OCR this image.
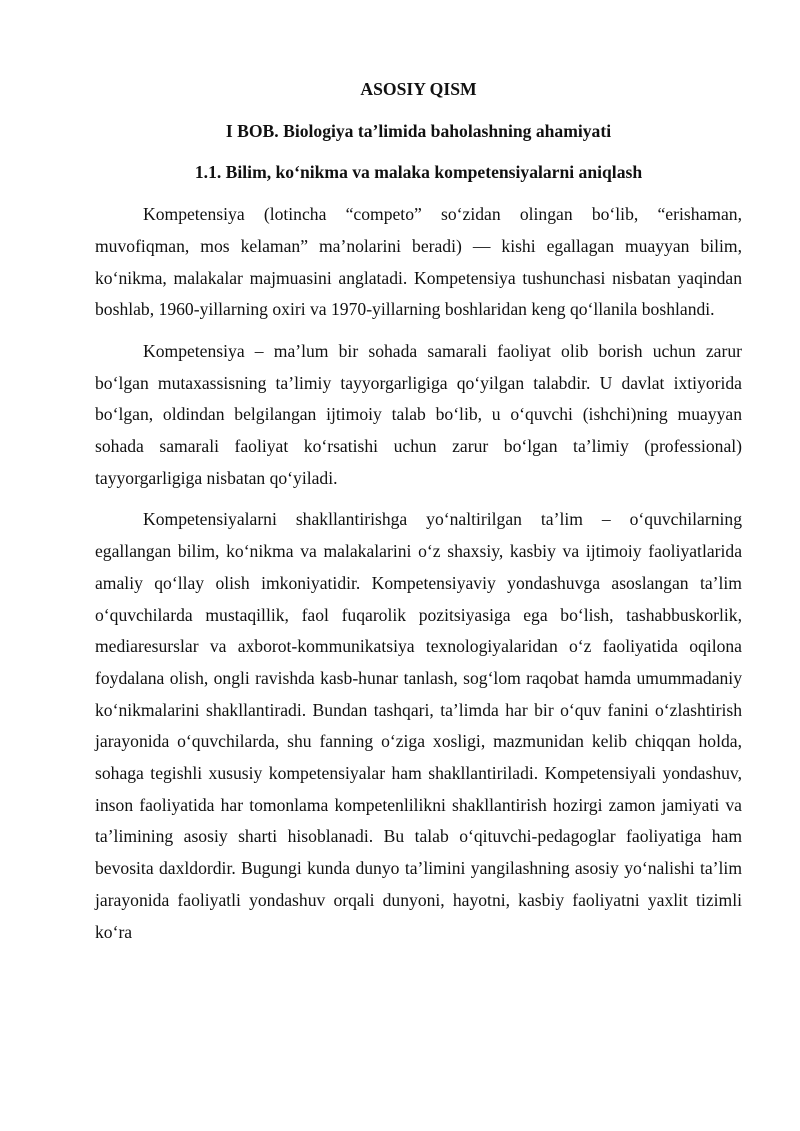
ASOSIY QISM
I BOB. Biologiya ta’limida baholashning ahamiyati
1.1. Bilim, ko‘nikma va malaka kompetensiyalarni aniqlash

Kompetensiya (lotincha “competo” so‘zidan olingan bo‘lib, “erishaman, muvofiqman, mos kelaman” ma’nolarini beradi) — kishi egallagan muayyan bilim, ko‘nikma, malakalar majmuasini anglatadi. Kompetensiya tushunchasi nisbatan yaqindan boshlab, 1960-yillarning oxiri va 1970-yillarning boshlaridan keng qo‘llanila boshlandi.

Kompetensiya – ma’lum bir sohada samarali faoliyat olib borish uchun zarur bo‘lgan mutaxassisning ta’limiy tayyorgarligiga qo‘yilgan talabdir. U davlat ixtiyorida bo‘lgan, oldindan belgilangan ijtimoiy talab bo‘lib, u o‘quvchi (ishchi)ning muayyan sohada samarali faoliyat ko‘rsatishi uchun zarur bo‘lgan ta’limiy (professional) tayyorgarligiga nisbatan qo‘yiladi.

Kompetensiyalarni shakllantirishga yo‘naltirilgan ta’lim – o‘quvchilarning egallangan bilim, ko‘nikma va malakalarini o‘z shaxsiy, kasbiy va ijtimoiy faoliyatlarida amaliy qo‘llay olish imkoniyatidir. Kompetensiyaviy yondashuvga asoslangan ta’lim o‘quvchilarda mustaqillik, faol fuqarolik pozitsiyasiga ega bo‘lish, tashabbuskorlik, mediaresurslar va axborot-kommunikatsiya texnologiyalaridan o‘z faoliyatida oqilona foydalana olish, ongli ravishda kasb-hunar tanlash, sog‘lom raqobat hamda umummadaniy ko‘nikmalarini shakllantiradi. Bundan tashqari, ta’limda har bir o‘quv fanini o‘zlashtirish jarayonida o‘quvchilarda, shu fanning o‘ziga xosligi, mazmunidan kelib chiqqan holda, sohaga tegishli xususiy kompetensiyalar ham shakllantiriladi. Kompetensiyali yondashuv, inson faoliyatida har tomonlama kompetenlilikni shakllantirish hozirgi zamon jamiyati va ta’limining asosiy sharti hisoblanadi. Bu talab o‘qituvchi-pedagoglar faoliyatiga ham bevosita daxldordir. Bugungi kunda dunyo ta’limini yangilashning asosiy yo‘nalishi ta’lim jarayonida faoliyatli yondashuv orqali dunyoni, hayotni, kasbiy faoliyatni yaxlit tizimli ko‘ra
